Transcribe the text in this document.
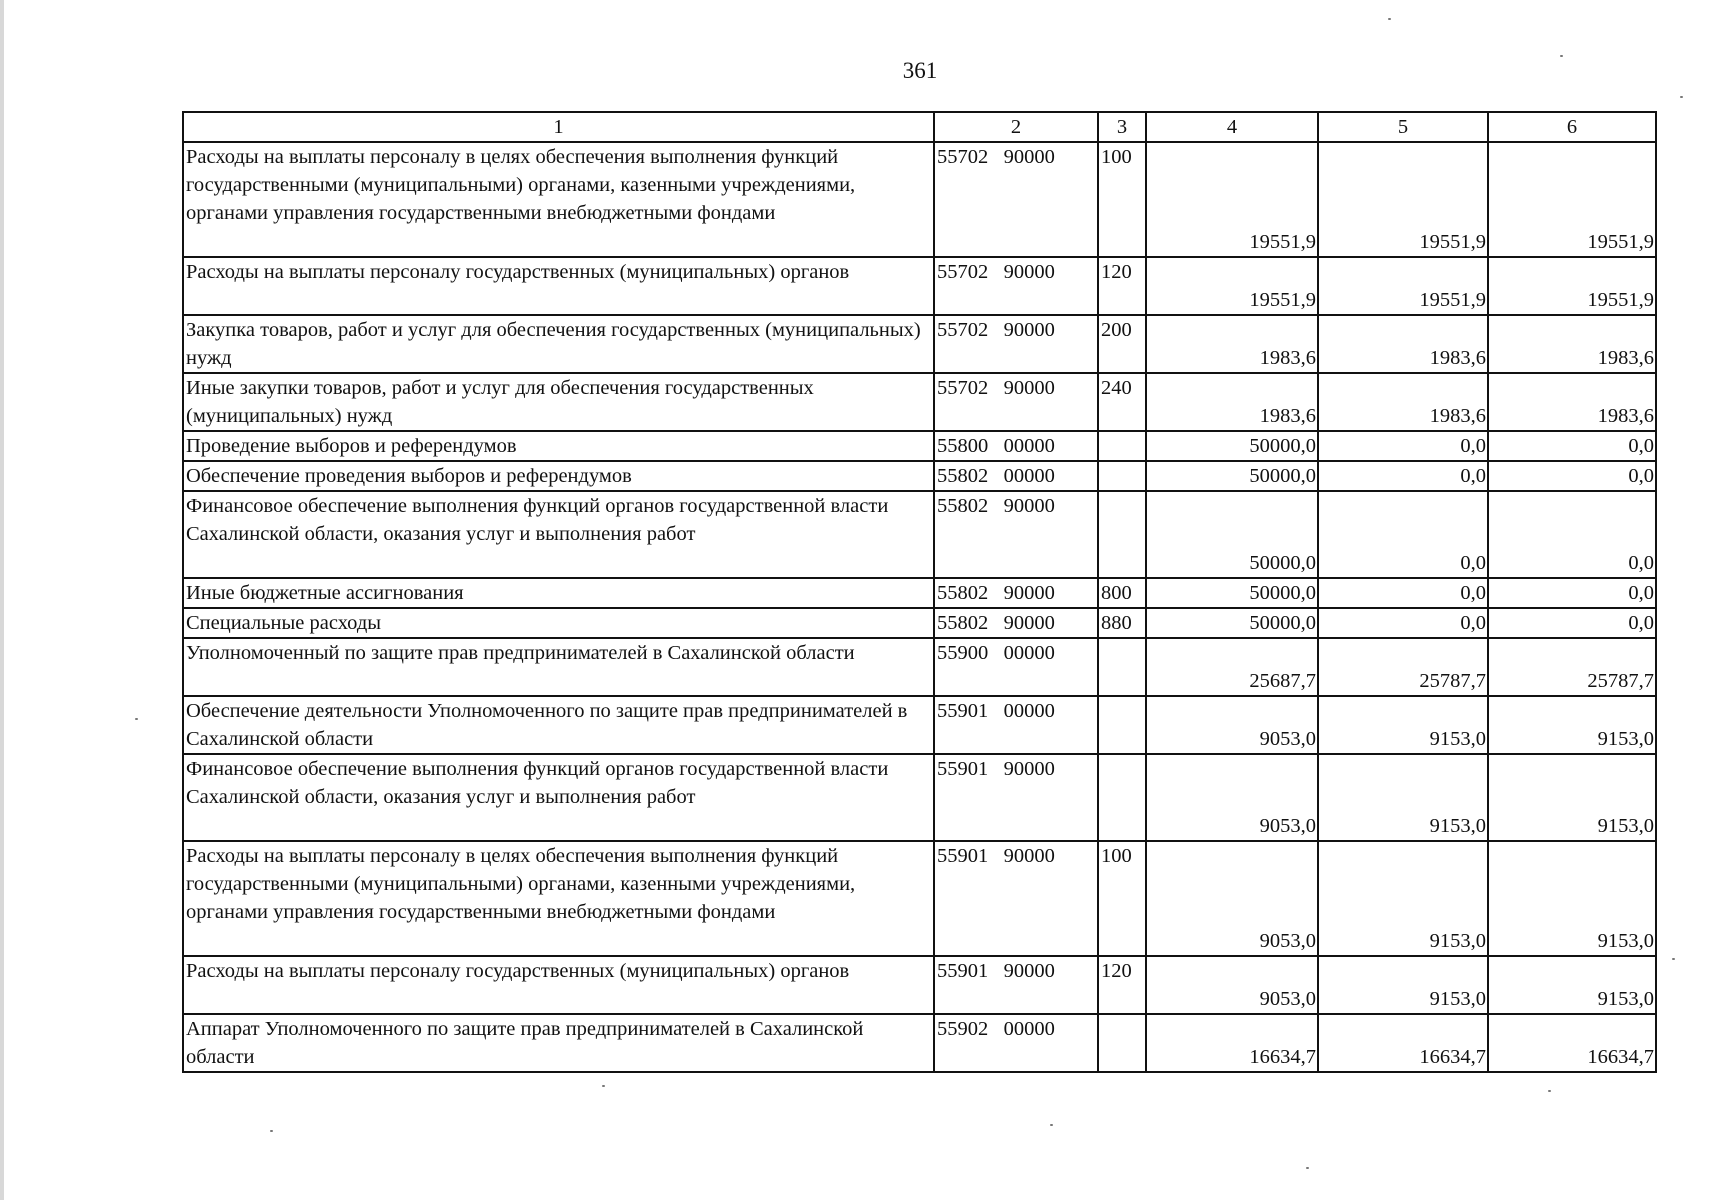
361
1	2	3	4	5	6
Расходы на выплаты персоналу в целях обеспечения выполнения функций государственными (муниципальными) органами, казенными учреждениями, органами управления государственными внебюджетными фондами	55702   90000	100	19551,9	19551,9	19551,9
Расходы на выплаты персоналу государственных (муниципальных) органов	55702   90000	120	19551,9	19551,9	19551,9
Закупка товаров, работ и услуг для обеспечения государственных (муниципальных) нужд	55702   90000	200	1983,6	1983,6	1983,6
Иные закупки товаров, работ и услуг для обеспечения государственных (муниципальных) нужд	55702   90000	240	1983,6	1983,6	1983,6
Проведение выборов и референдумов	55800   00000		50000,0	0,0	0,0
Обеспечение проведения выборов и референдумов	55802   00000		50000,0	0,0	0,0
Финансовое обеспечение выполнения функций органов государственной власти Сахалинской области, оказания услуг и выполнения работ	55802   90000		50000,0	0,0	0,0
Иные бюджетные ассигнования	55802   90000	800	50000,0	0,0	0,0
Специальные расходы	55802   90000	880	50000,0	0,0	0,0
Уполномоченный по защите прав предпринимателей в Сахалинской области	55900   00000		25687,7	25787,7	25787,7
Обеспечение деятельности Уполномоченного по защите прав предпринимателей в Сахалинской области	55901   00000		9053,0	9153,0	9153,0
Финансовое обеспечение выполнения функций органов государственной власти Сахалинской области, оказания услуг и выполнения работ	55901   90000		9053,0	9153,0	9153,0
Расходы на выплаты персоналу в целях обеспечения выполнения функций государственными (муниципальными) органами, казенными учреждениями, органами управления государственными внебюджетными фондами	55901   90000	100	9053,0	9153,0	9153,0
Расходы на выплаты персоналу государственных (муниципальных) органов	55901   90000	120	9053,0	9153,0	9153,0
Аппарат Уполномоченного по защите прав предпринимателей в Сахалинской области	55902   00000		16634,7	16634,7	16634,7
